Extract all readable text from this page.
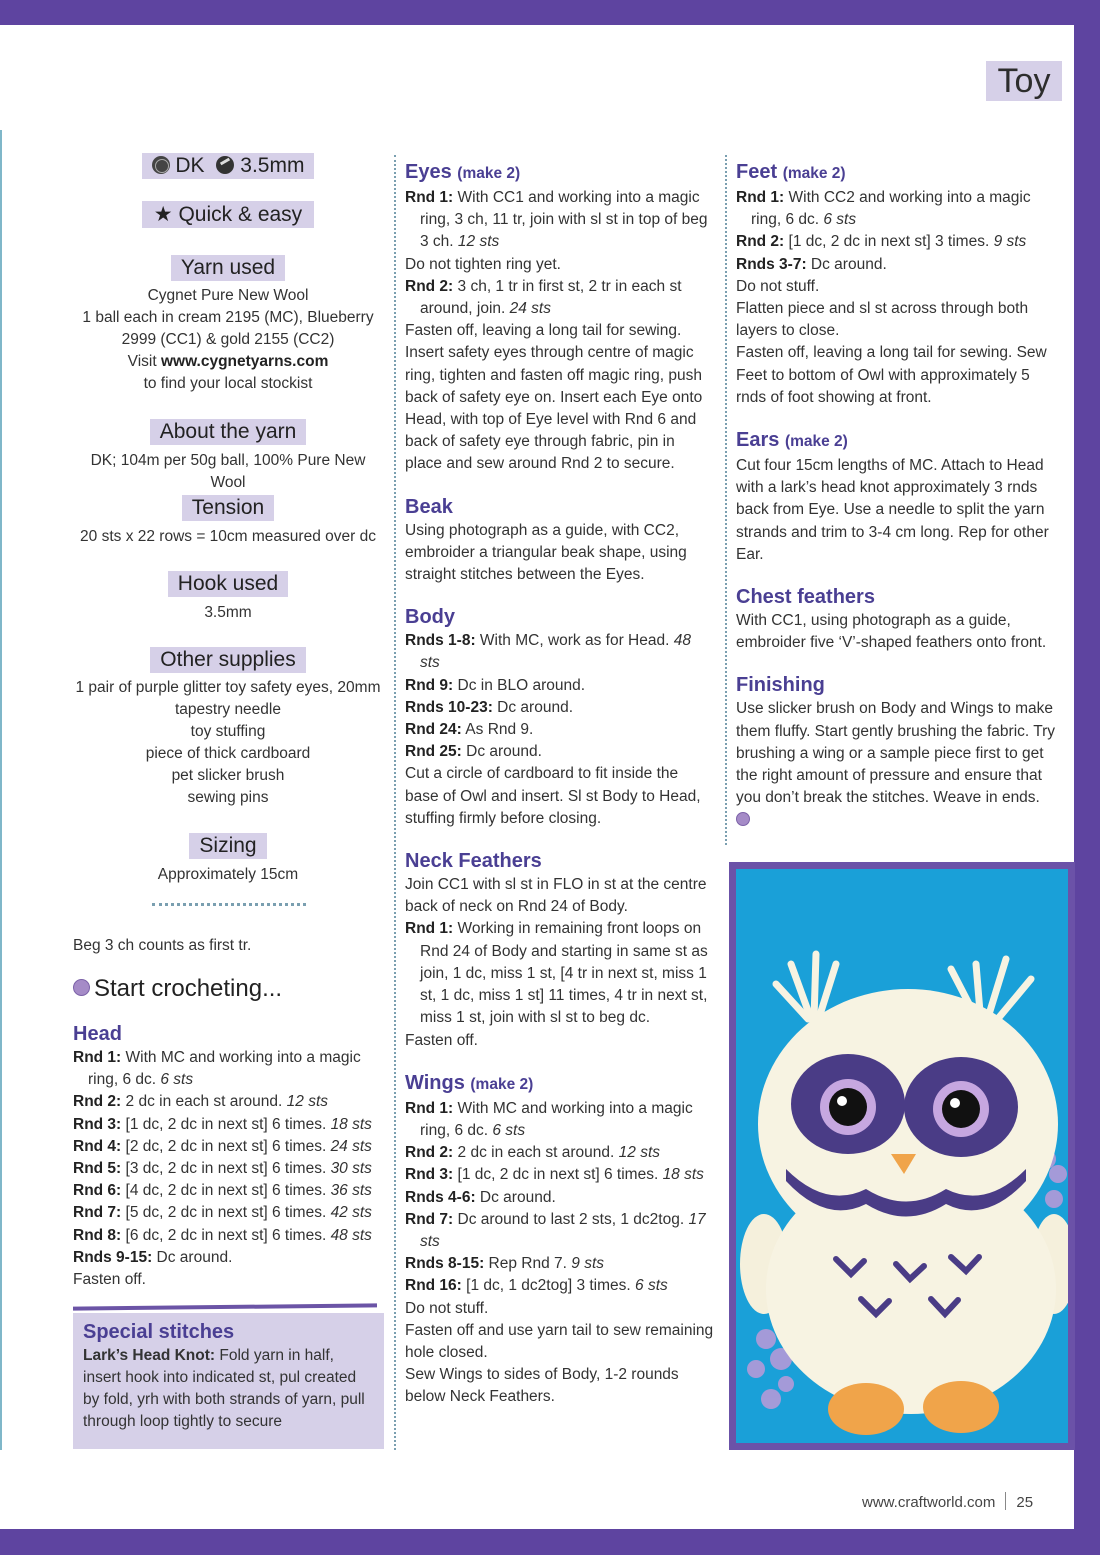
Toy
DK 3.5mm
★ Quick & easy
Yarn used
Cygnet Pure New Wool
1 ball each in cream 2195 (MC), Blueberry
2999 (CC1) & gold 2155 (CC2)
Visit www.cygnetyarns.com
to find your local stockist
About the yarn
DK; 104m per 50g ball, 100% Pure New Wool
Tension
20 sts x 22 rows = 10cm measured over dc
Hook used
3.5mm
Other supplies
1 pair of purple glitter toy safety eyes, 20mm
tapestry needle
toy stuffing
piece of thick cardboard
pet slicker brush
sewing pins
Sizing
Approximately 15cm
Beg 3 ch counts as first tr.
Start crocheting...
Head

Rnd 1: With MC and working into a magic ring, 6 dc. 6 sts

Rnd 2: 2 dc in each st around. 12 sts

Rnd 3: [1 dc, 2 dc in next st] 6 times. 18 sts

Rnd 4: [2 dc, 2 dc in next st] 6 times. 24 sts

Rnd 5: [3 dc, 2 dc in next st] 6 times. 30 sts

Rnd 6: [4 dc, 2 dc in next st] 6 times. 36 sts

Rnd 7: [5 dc, 2 dc in next st] 6 times. 42 sts

Rnd 8: [6 dc, 2 dc in next st] 6 times. 48 sts

Rnds 9-15: Dc around.

Fasten off.

Special stitches

Lark’s Head Knot: Fold yarn in half, insert hook into indicated st, pul created by fold, yrh with both strands of yarn, pull through loop tightly to secure

Eyes (make 2)

Rnd 1: With CC1 and working into a magic ring, 3 ch, 11 tr, join with sl st in top of beg 3 ch. 12 sts

Do not tighten ring yet.

Rnd 2: 3 ch, 1 tr in first st, 2 tr in each st around, join. 24 sts

Fasten off, leaving a long tail for sewing. Insert safety eyes through centre of magic ring, tighten and fasten off magic ring, push back of safety eye on. Insert each Eye onto Head, with top of Eye level with Rnd 6 and back of safety eye through fabric, pin in place and sew around Rnd 2 to secure.

Beak

Using photograph as a guide, with CC2, embroider a triangular beak shape, using straight stitches between the Eyes.

Body

Rnds 1-8: With MC, work as for Head. 48 sts

Rnd 9: Dc in BLO around.

Rnds 10-23: Dc around.

Rnd 24: As Rnd 9.

Rnd 25: Dc around.

Cut a circle of cardboard to fit inside the base of Owl and insert. Sl st Body to Head, stuffing firmly before closing.

Neck Feathers

Join CC1 with sl st in FLO in st at the centre back of neck on Rnd 24 of Body.

Rnd 1: Working in remaining front loops on Rnd 24 of Body and starting in same st as join, 1 dc, miss 1 st, [4 tr in next st, miss 1 st, 1 dc, miss 1 st] 11 times, 4 tr in next st, miss 1 st, join with sl st to beg dc.

Fasten off.

Wings (make 2)

Rnd 1: With MC and working into a magic ring, 6 dc. 6 sts

Rnd 2: 2 dc in each st around. 12 sts

Rnd 3: [1 dc, 2 dc in next st] 6 times. 18 sts

Rnds 4-6: Dc around.

Rnd 7: Dc around to last 2 sts, 1 dc2tog. 17 sts

Rnds 8-15: Rep Rnd 7. 9 sts

Rnd 16: [1 dc, 1 dc2tog] 3 times. 6 sts

Do not stuff.

Fasten off and use yarn tail to sew remaining hole closed.

Sew Wings to sides of Body, 1-2 rounds below Neck Feathers.

Feet (make 2)

Rnd 1: With CC2 and working into a magic ring, 6 dc. 6 sts

Rnd 2: [1 dc, 2 dc in next st] 3 times. 9 sts

Rnds 3-7: Dc around.

Do not stuff.

Flatten piece and sl st across through both layers to close.

Fasten off, leaving a long tail for sewing. Sew Feet to bottom of Owl with approximately 5 rnds of foot showing at front.

Ears (make 2)

Cut four 15cm lengths of MC. Attach to Head with a lark’s head knot approximately 3 rnds back from Eye. Use a needle to split the yarn strands and trim to 3-4 cm long. Rep for other Ear.

Chest feathers

With CC1, using photograph as a guide, embroider five ‘V’-shaped feathers onto front.

Finishing

Use slicker brush on Body and Wings to make them fluffy. Start gently brushing the fabric. Try brushing a wing or a sample piece first to get the right amount of pressure and ensure that you don’t break the stitches. Weave in ends.

www.craftworld.com 25
